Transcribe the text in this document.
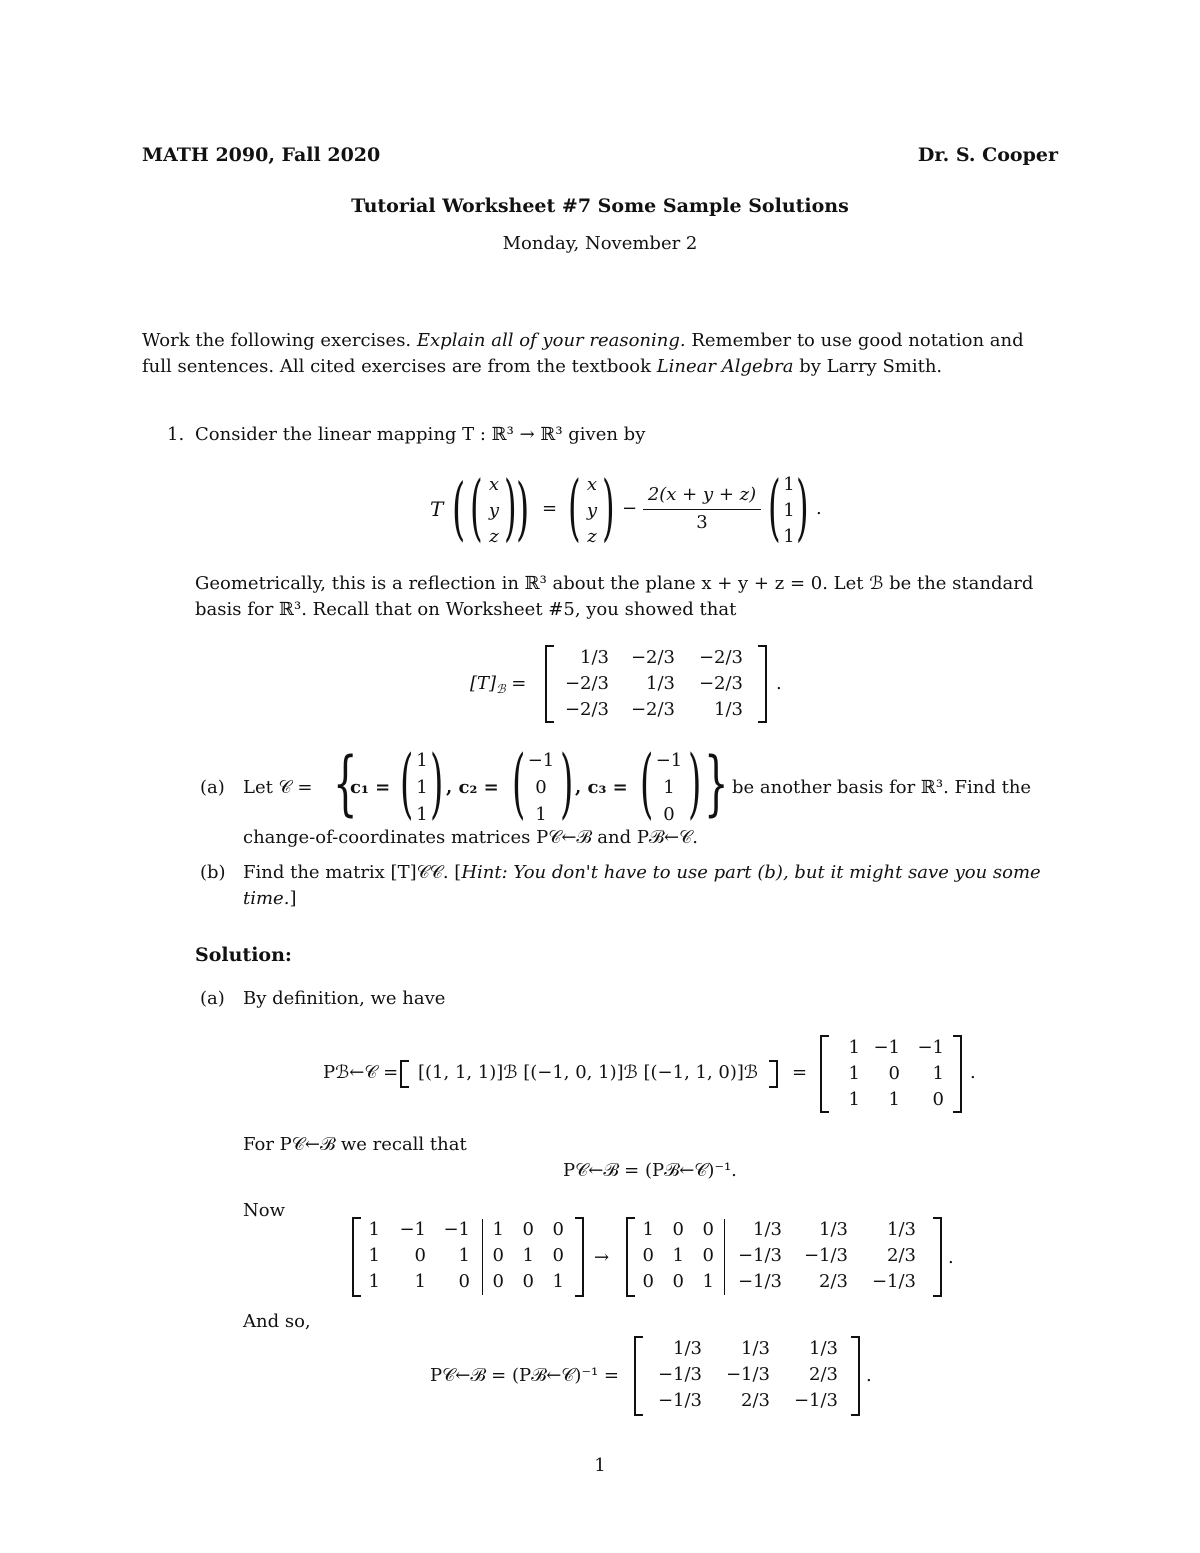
MATH 2090, Fall 2020	Dr. S. Cooper
Tutorial Worksheet #7 Some Sample Solutions
Monday, November 2
Work the following exercises. Explain all of your reasoning. Remember to use good notation and
full sentences. All cited exercises are from the textbook Linear Algebra by Larry Smith.
1. Consider the linear mapping T : ℝ³ → ℝ³ given by
T ( ( x
y
z ) ) = ( x
y
z ) −
2(x + y + z)
3 ( 1
1
1 ) .
Geometrically, this is a reflection in ℝ³ about the plane x + y + z = 0. Let ℬ be the standard
basis for ℝ³. Recall that on Worksheet #5, you showed that
$[T]_ℬ$ =
1/3	−2/3	−2/3
−2/3	1/3	−2/3
−2/3	−2/3	1/3
.
(a) Let 𝒞 = {
c₁ = ( 1
1
1 ) , c₂ = ( −1
0
1 ) , c₃ = ( −1
1
0 ) } be another basis for ℝ³. Find the
change-of-coordinates matrices P𝒞←ℬ and Pℬ←𝒞.
(b) Find the matrix [T]𝒞𝒞. [Hint: You don't have to use part (b), but it might save you some
time.]
Solution:
(a) By definition, we have
Pℬ←𝒞 = [(1, 1, 1)]ℬ [(−1, 0, 1)]ℬ [(−1, 1, 0)]ℬ =
1 −1 −1
1	0	1
1	1	0
.
For P𝒞←ℬ we recall that
P𝒞←ℬ = (Pℬ←𝒞)⁻¹.
Now
1 −1 −1	1	0	0
1	0	1	0	1	0
1	1	0	0	0	1
→
1	0	0	1/3	1/3	1/3
0	1	0	−1/3	−1/3	2/3
0	0	1	−1/3	2/3	−1/3
.
And so,
P𝒞←ℬ = (Pℬ←𝒞)⁻¹ =
1/3	1/3	1/3
−1/3	−1/3	2/3
−1/3	2/3	−1/3
.
1
